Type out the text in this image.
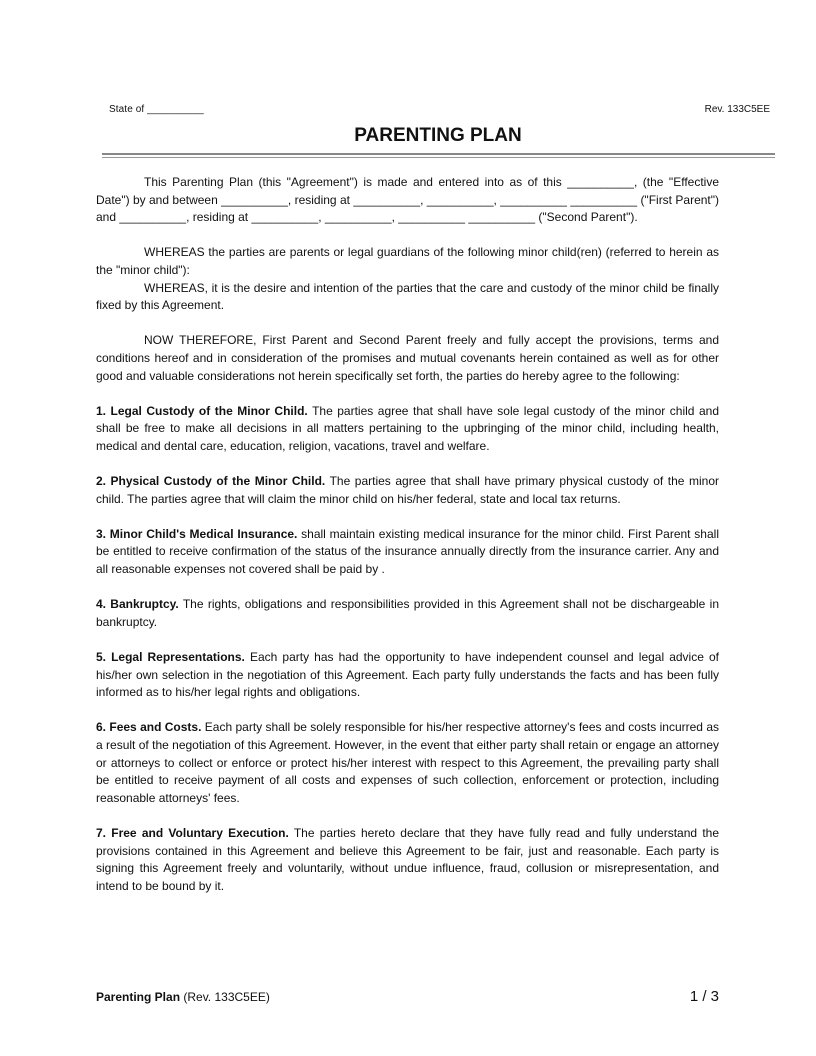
State of __________	Rev. 133C5EE
PARENTING PLAN

This Parenting Plan (this "Agreement") is made and entered into as of this __________, (the "Effective Date") by and between __________, residing at __________, __________, __________ __________ ("First Parent") and __________, residing at __________, __________, __________ __________ ("Second Parent").

WHEREAS the parties are parents or legal guardians of the following minor child(ren) (referred to herein as the "minor child"):

WHEREAS, it is the desire and intention of the parties that the care and custody of the minor child be finally fixed by this Agreement.

NOW THEREFORE, First Parent and Second Parent freely and fully accept the provisions, terms and conditions hereof and in consideration of the promises and mutual covenants herein contained as well as for other good and valuable considerations not herein specifically set forth, the parties do hereby agree to the following:

1. Legal Custody of the Minor Child. The parties agree that shall have sole legal custody of the minor child and shall be free to make all decisions in all matters pertaining to the upbringing of the minor child, including health, medical and dental care, education, religion, vacations, travel and welfare.

2. Physical Custody of the Minor Child. The parties agree that shall have primary physical custody of the minor child. The parties agree that will claim the minor child on his/her federal, state and local tax returns.

3. Minor Child's Medical Insurance. shall maintain existing medical insurance for the minor child. First Parent shall be entitled to receive confirmation of the status of the insurance annually directly from the insurance carrier. Any and all reasonable expenses not covered shall be paid by .

4. Bankruptcy. The rights, obligations and responsibilities provided in this Agreement shall not be dischargeable in bankruptcy.

5. Legal Representations. Each party has had the opportunity to have independent counsel and legal advice of his/her own selection in the negotiation of this Agreement. Each party fully understands the facts and has been fully informed as to his/her legal rights and obligations.

6. Fees and Costs. Each party shall be solely responsible for his/her respective attorney's fees and costs incurred as a result of the negotiation of this Agreement. However, in the event that either party shall retain or engage an attorney or attorneys to collect or enforce or protect his/her interest with respect to this Agreement, the prevailing party shall be entitled to receive payment of all costs and expenses of such collection, enforcement or protection, including reasonable attorneys' fees.

7. Free and Voluntary Execution. The parties hereto declare that they have fully read and fully understand the provisions contained in this Agreement and believe this Agreement to be fair, just and reasonable. Each party is signing this Agreement freely and voluntarily, without undue influence, fraud, collusion or misrepresentation, and intend to be bound by it.

Parenting Plan (Rev. 133C5EE)	1 / 3
